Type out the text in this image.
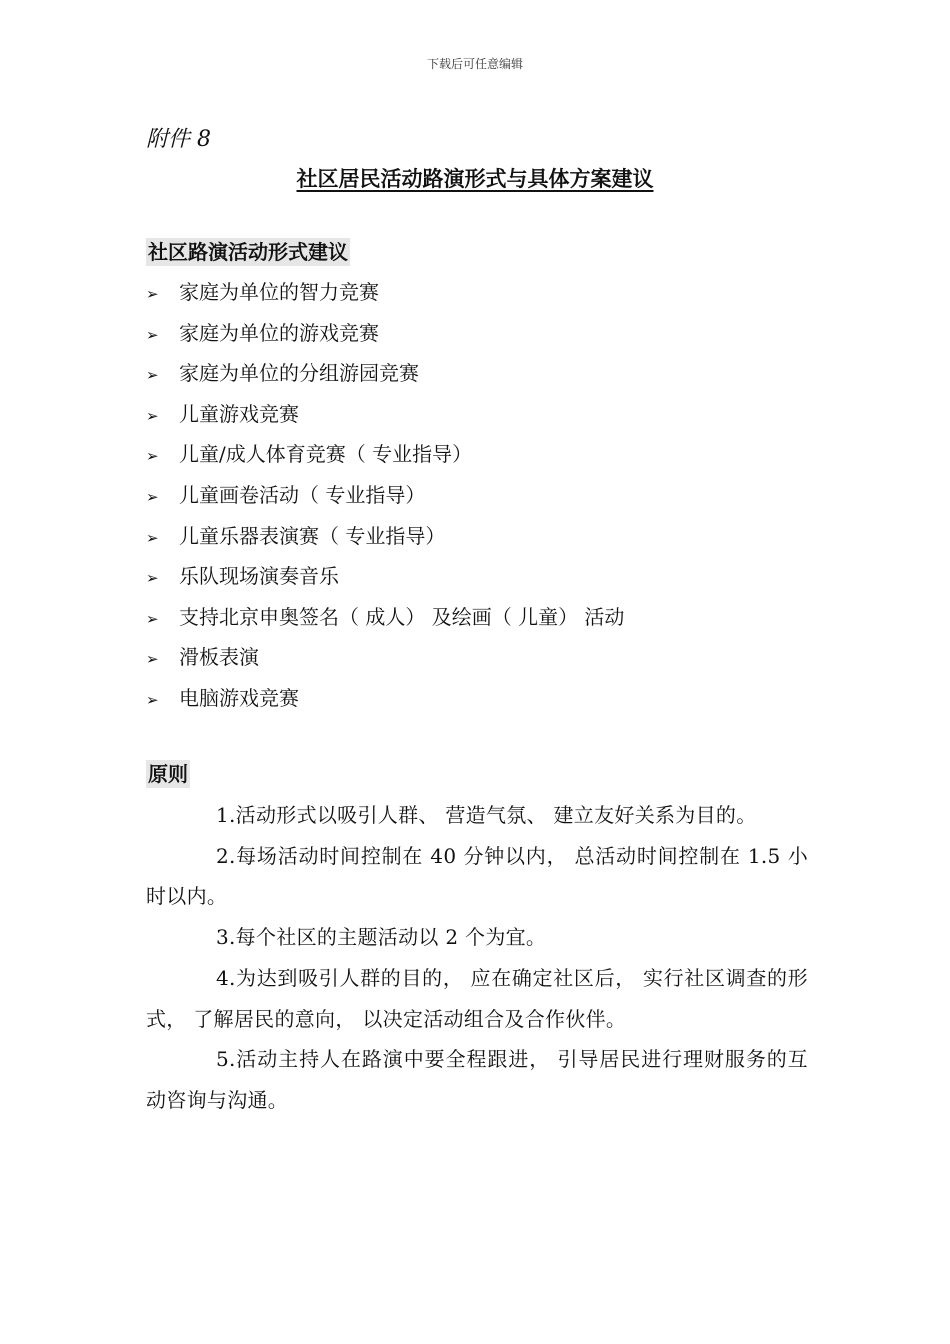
下载后可任意编辑
附件 8
社区居民活动路演形式与具体方案建议
社区路演活动形式建议
➢ 家庭为单位的智力竞赛
➢ 家庭为单位的游戏竞赛
➢ 家庭为单位的分组游园竞赛
➢ 儿童游戏竞赛
➢ 儿童/成人体育竞赛（ 专业指导）
➢ 儿童画卷活动（ 专业指导）
➢ 儿童乐器表演赛（ 专业指导）
➢ 乐队现场演奏音乐
➢ 支持北京申奥签名（ 成人） 及绘画（ 儿童） 活动
➢ 滑板表演
➢ 电脑游戏竞赛
原则

1.活动形式以吸引人群、 营造气氛、 建立友好关系为目的。

2.每场活动时间控制在 40 分钟以内， 总活动时间控制在 1.5 小时以内。

3.每个社区的主题活动以 2 个为宜。

4.为达到吸引人群的目的， 应在确定社区后， 实行社区调查的形式， 了解居民的意向， 以决定活动组合及合作伙伴。

5.活动主持人在路演中要全程跟进， 引导居民进行理财服务的互动咨询与沟通。
